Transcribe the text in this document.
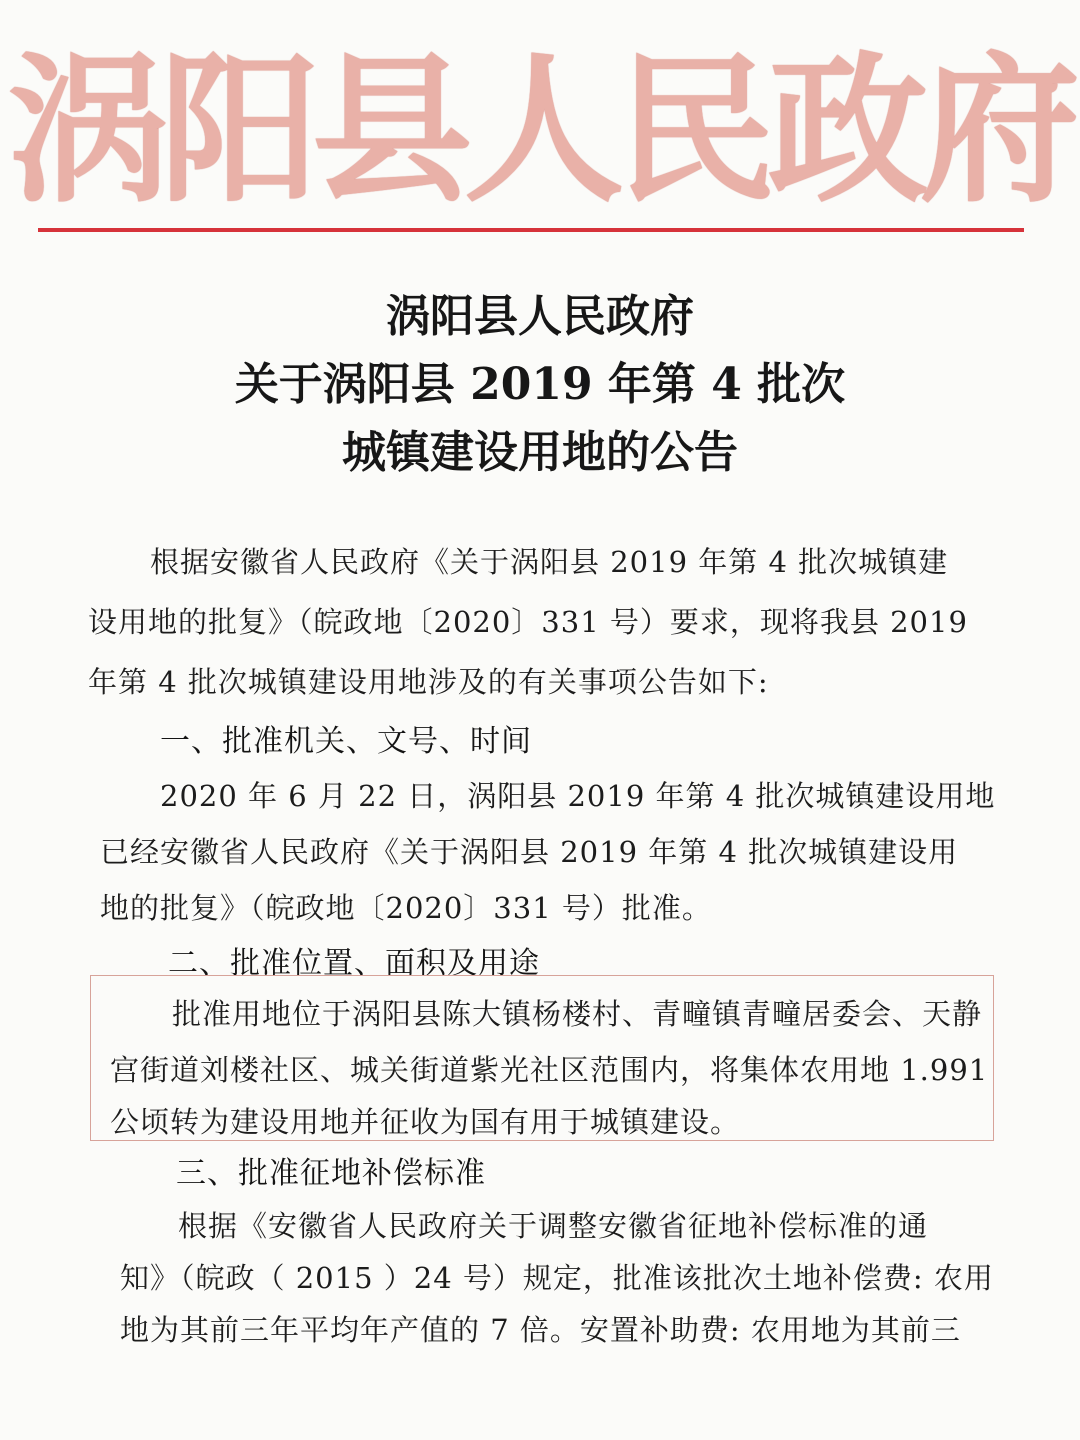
涡阳县人民政府
涡阳县人民政府
关于涡阳县 2019 年第 4 批次
城镇建设用地的公告
根据安徽省人民政府《关于涡阳县 2019 年第 4 批次城镇建
设用地的批复》（皖政地〔2020〕331 号）要求，现将我县 2019
年第 4 批次城镇建设用地涉及的有关事项公告如下:
一、批准机关、文号、时间
2020 年 6 月 22 日，涡阳县 2019 年第 4 批次城镇建设用地
已经安徽省人民政府《关于涡阳县 2019 年第 4 批次城镇建设用
地的批复》（皖政地〔2020〕331 号）批准。
二、批准位置、面积及用途
批准用地位于涡阳县陈大镇杨楼村、青疃镇青疃居委会、天静
宫街道刘楼社区、城关街道紫光社区范围内，将集体农用地 1.991
公顷转为建设用地并征收为国有用于城镇建设。
三、批准征地补偿标准
根据《安徽省人民政府关于调整安徽省征地补偿标准的通
知》（皖政（ 2015 ）24 号）规定，批准该批次土地补偿费: 农用
地为其前三年平均年产值的 7 倍。安置补助费: 农用地为其前三
